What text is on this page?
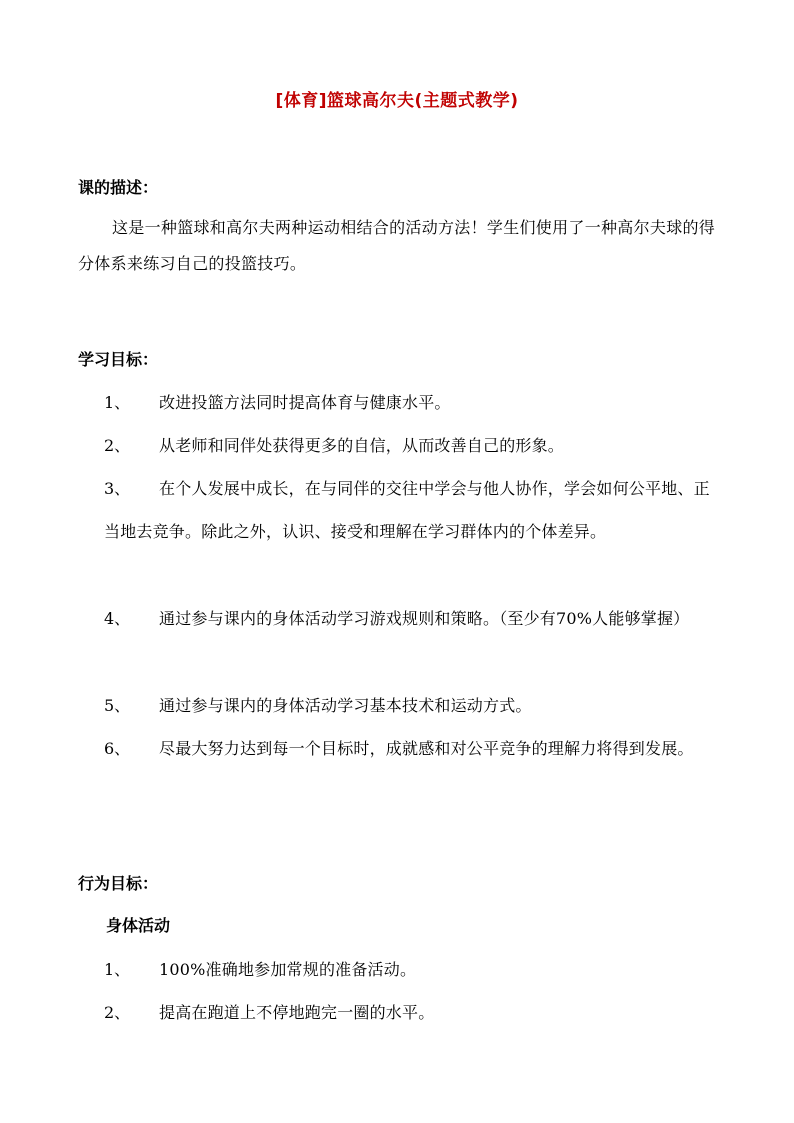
[体育]篮球高尔夫(主题式教学)
课的描述：
这是一种篮球和高尔夫两种运动相结合的活动方法！学生们使用了一种高尔夫球的得分体系来练习自己的投篮技巧。
学习目标：
1、 改进投篮方法同时提高体育与健康水平。
2、 从老师和同伴处获得更多的自信，从而改善自己的形象。
3、 在个人发展中成长，在与同伴的交往中学会与他人协作，学会如何公平地、正当地去竞争。除此之外，认识、接受和理解在学习群体内的个体差异。
4、 通过参与课内的身体活动学习游戏规则和策略。（至少有70%人能够掌握）
5、 通过参与课内的身体活动学习基本技术和运动方式。
6、 尽最大努力达到每一个目标时，成就感和对公平竞争的理解力将得到发展。
行为目标：
身体活动
1、 100%准确地参加常规的准备活动。
2、 提高在跑道上不停地跑完一圈的水平。
